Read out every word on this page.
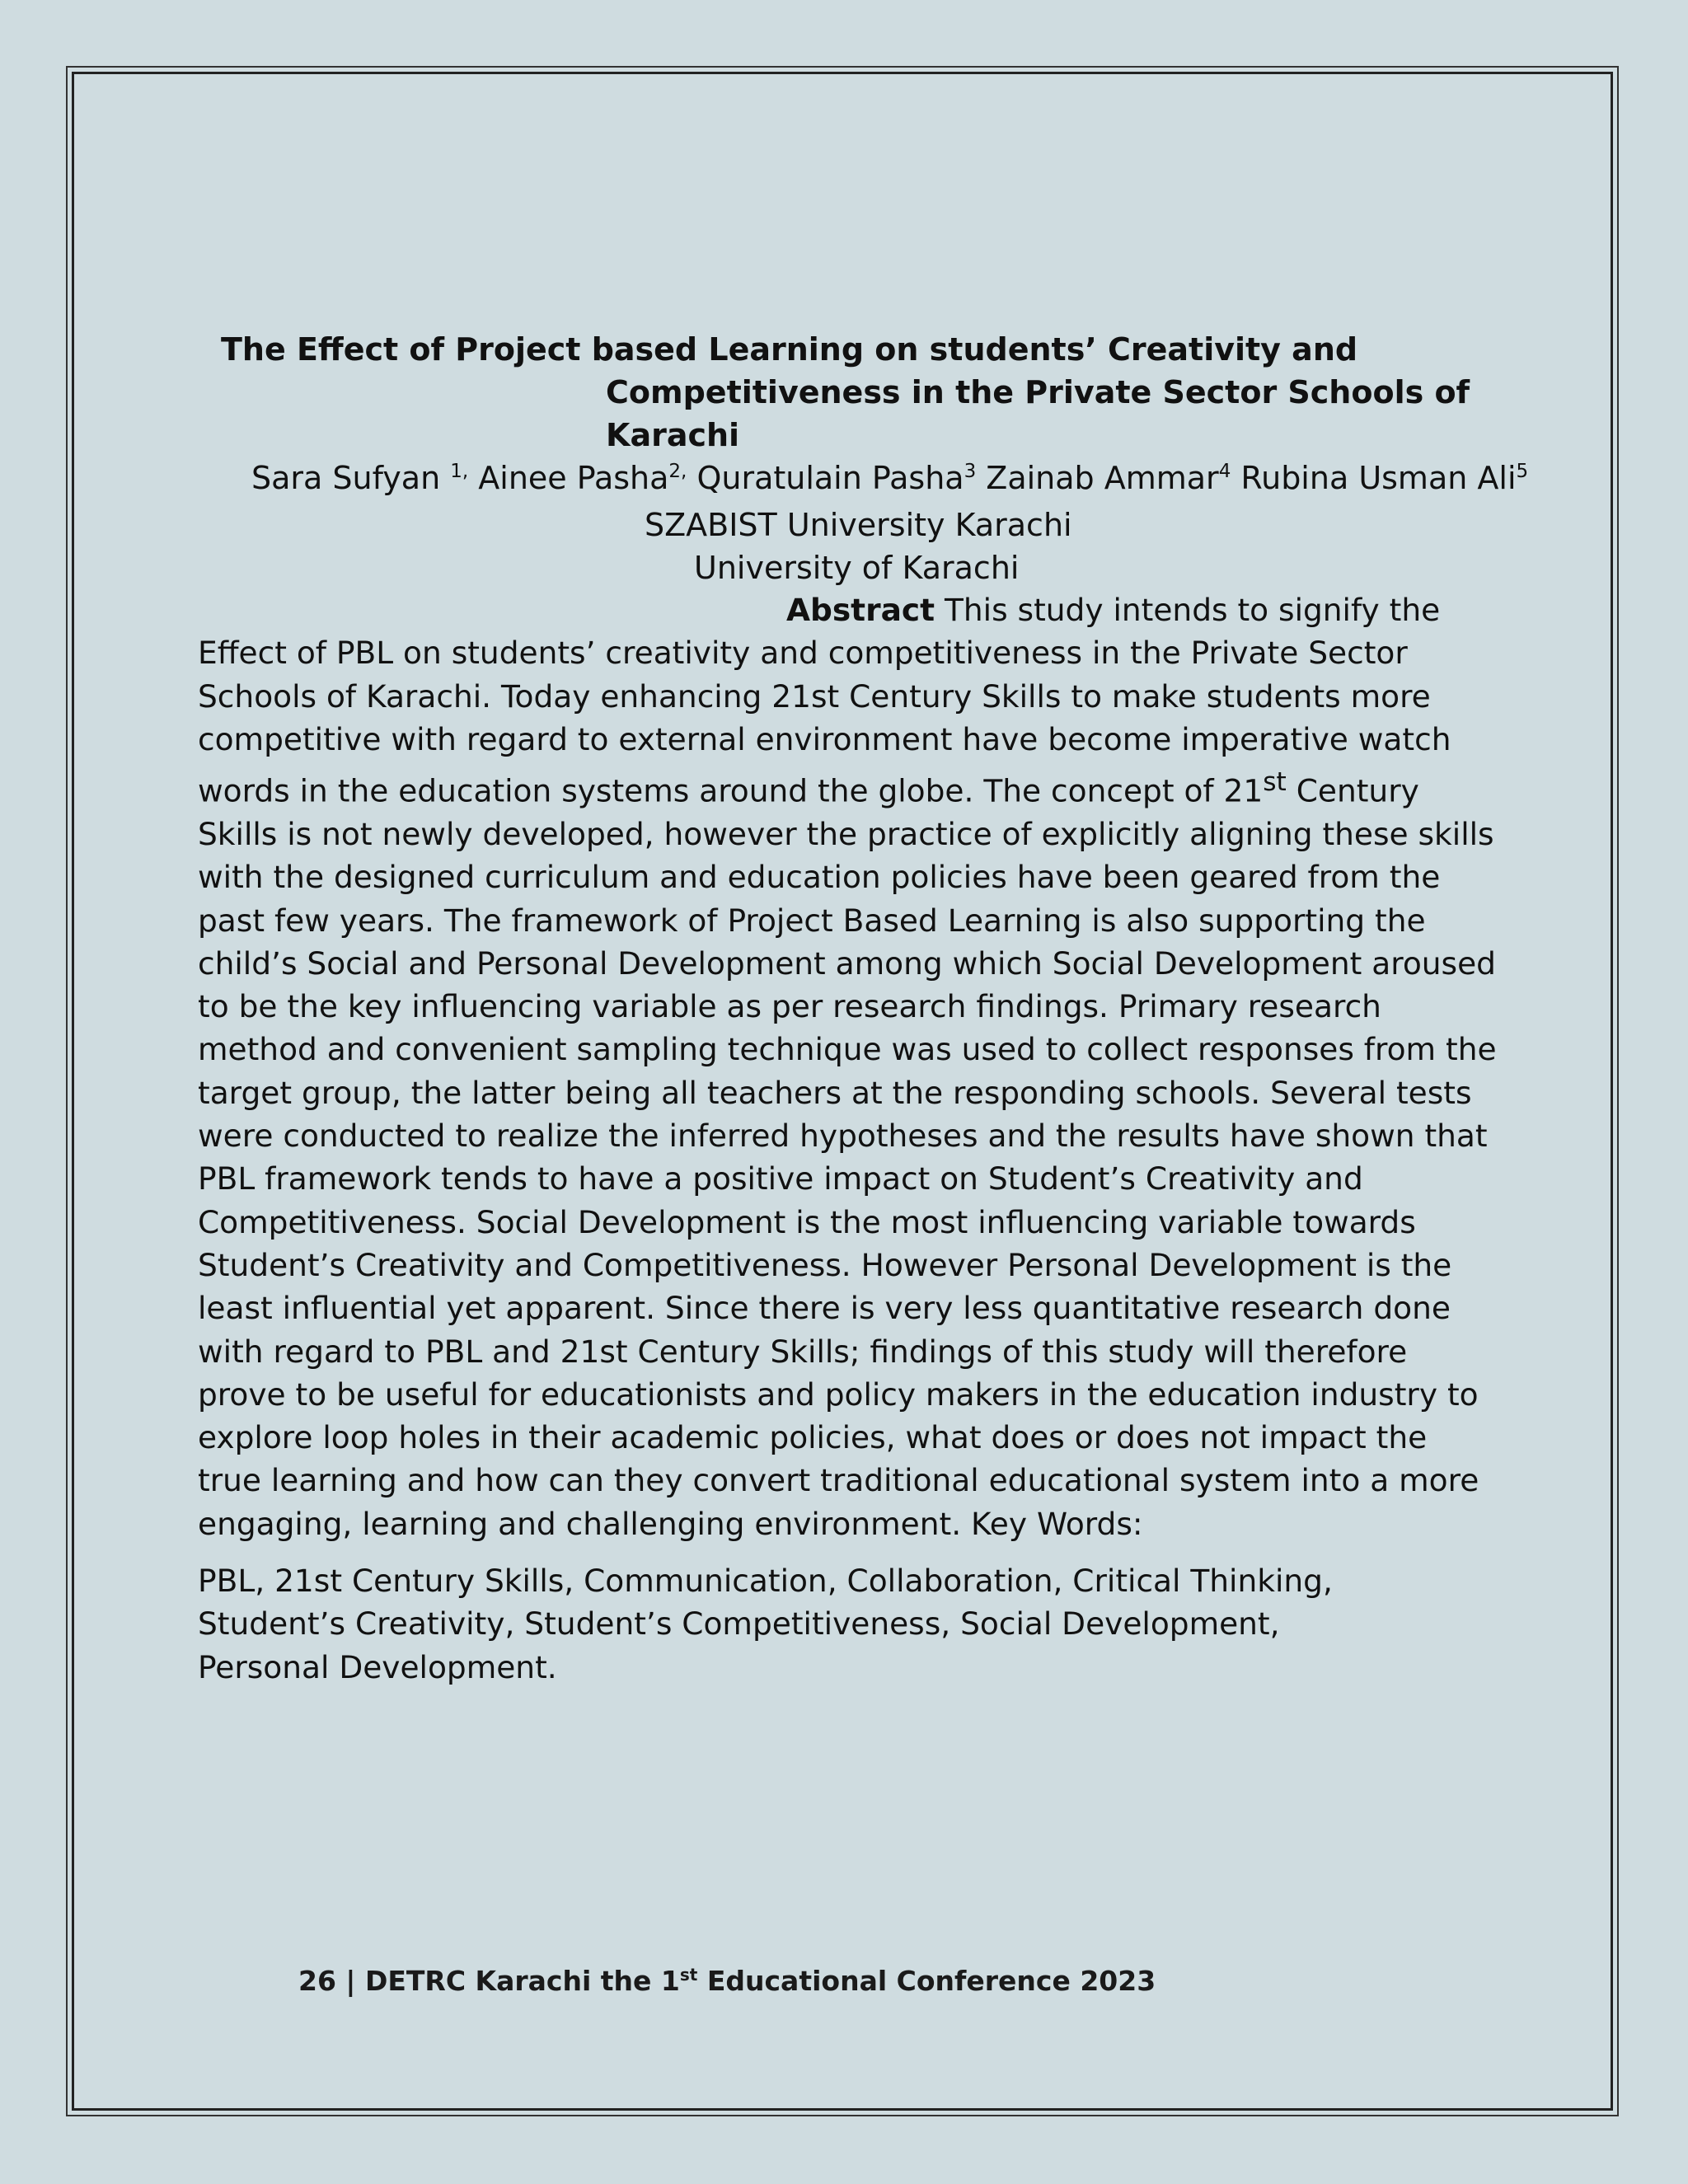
The Effect of Project based Learning on students’ Creativity and
Competitiveness in the Private Sector Schools of
Karachi
Sara Sufyan $^{1,}$ Ainee Pasha$^{2,}$ Quratulain Pasha$^3$ Zainab Ammar$^4$ Rubina Usman Ali$^5$
SZABIST University Karachi
University of Karachi
Abstract This study intends to signify the
Effect of PBL on students’ creativity and competitiveness in the Private Sector Schools of Karachi. Today enhancing 21st Century Skills to make students more competitive with regard to external environment have become imperative watch words in the education systems around the globe. The concept of 21st Century Skills is not newly developed, however the practice of explicitly aligning these skills with the designed curriculum and education policies have been geared from the past few years. The framework of Project Based Learning is also supporting the child’s Social and Personal Development among which Social Development aroused to be the key influencing variable as per research findings. Primary research method and convenient sampling technique was used to collect responses from the target group, the latter being all teachers at the responding schools. Several tests were conducted to realize the inferred hypotheses and the results have shown that PBL framework tends to have a positive impact on Student’s Creativity and Competitiveness. Social Development is the most influencing variable towards Student’s Creativity and Competitiveness. However Personal Development is the least influential yet apparent. Since there is very less quantitative research done with regard to PBL and 21st Century Skills; findings of this study will therefore prove to be useful for educationists and policy makers in the education industry to explore loop holes in their academic policies, what does or does not impact the true learning and how can they convert traditional educational system into a more engaging, learning and challenging environment. Key Words:
PBL, 21st Century Skills, Communication, Collaboration, Critical Thinking, Student’s Creativity, Student’s Competitiveness, Social Development, Personal Development.
26 | DETRC Karachi the 1st Educational Conference 2023
